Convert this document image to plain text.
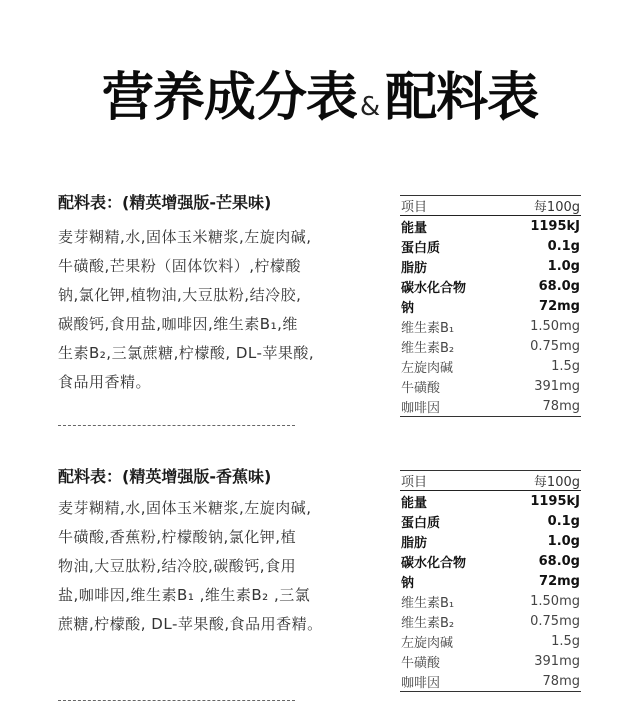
营养成分表 &配料表
配料表：(精英增强版-芒果味)
麦芽糊精,水,固体玉米糖浆,左旋肉碱,
牛磺酸,芒果粉（固体饮料）,柠檬酸
钠,氯化钾,植物油,大豆肽粉,结冷胶,
碳酸钙,食用盐,咖啡因,维生素B₁,维
生素B₂,三氯蔗糖,柠檬酸, DL-苹果酸,
食品用香精。
项目	每100g
能量	1195kJ
蛋白质	0.1g
脂肪	1.0g
碳水化合物	68.0g
钠	72mg
维生素B₁	1.50mg
维生素B₂	0.75mg
左旋肉碱	1.5g
牛磺酸	391mg
咖啡因	78mg
配料表：(精英增强版-香蕉味)
麦芽糊精,水,固体玉米糖浆,左旋肉碱,
牛磺酸,香蕉粉,柠檬酸钠,氯化钾,植
物油,大豆肽粉,结冷胶,碳酸钙,食用
盐,咖啡因,维生素B₁ ,维生素B₂ ,三氯
蔗糖,柠檬酸, DL-苹果酸,食品用香精。
项目	每100g
能量	1195kJ
蛋白质	0.1g
脂肪	1.0g
碳水化合物	68.0g
钠	72mg
维生素B₁	1.50mg
维生素B₂	0.75mg
左旋肉碱	1.5g
牛磺酸	391mg
咖啡因	78mg
